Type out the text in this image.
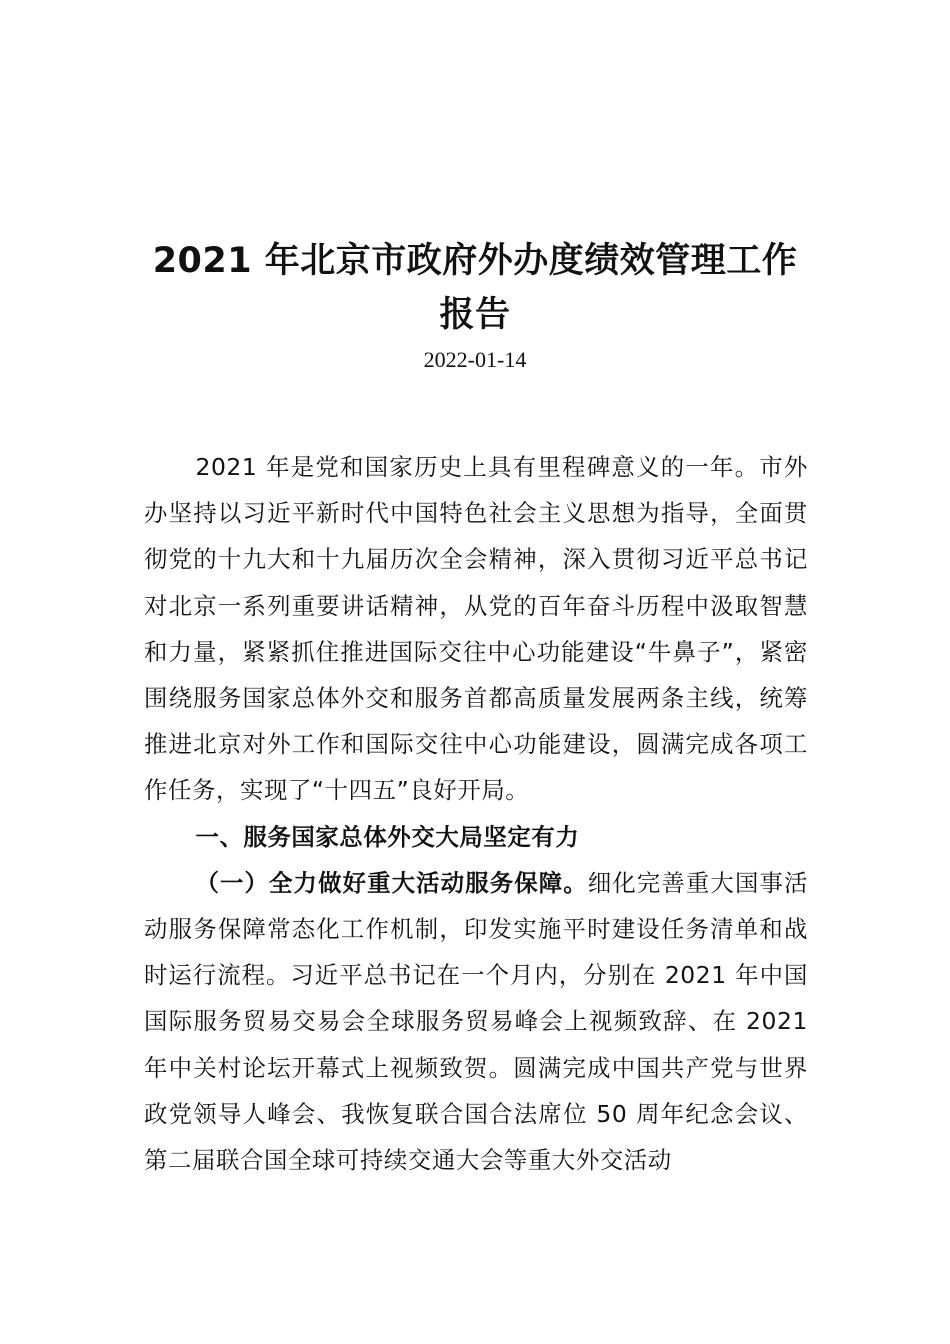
2021 年北京市政府外办度绩效管理工作报告
2022-01-14

2021 年是党和国家历史上具有里程碑意义的一年。市外办坚持以习近平新时代中国特色社会主义思想为指导，全面贯彻党的十九大和十九届历次全会精神，深入贯彻习近平总书记对北京一系列重要讲话精神，从党的百年奋斗历程中汲取智慧和力量，紧紧抓住推进国际交往中心功能建设“牛鼻子”，紧密围绕服务国家总体外交和服务首都高质量发展两条主线，统筹推进北京对外工作和国际交往中心功能建设，圆满完成各项工作任务，实现了“十四五”良好开局。

一、服务国家总体外交大局坚定有力

（一）全力做好重大活动服务保障。细化完善重大国事活动服务保障常态化工作机制，印发实施平时建设任务清单和战时运行流程。习近平总书记在一个月内，分别在 2021 年中国国际服务贸易交易会全球服务贸易峰会上视频致辞、在 2021 年中关村论坛开幕式上视频致贺。圆满完成中国共产党与世界政党领导人峰会、我恢复联合国合法席位 50 周年纪念会议、第二届联合国全球可持续交通大会等重大外交活动
